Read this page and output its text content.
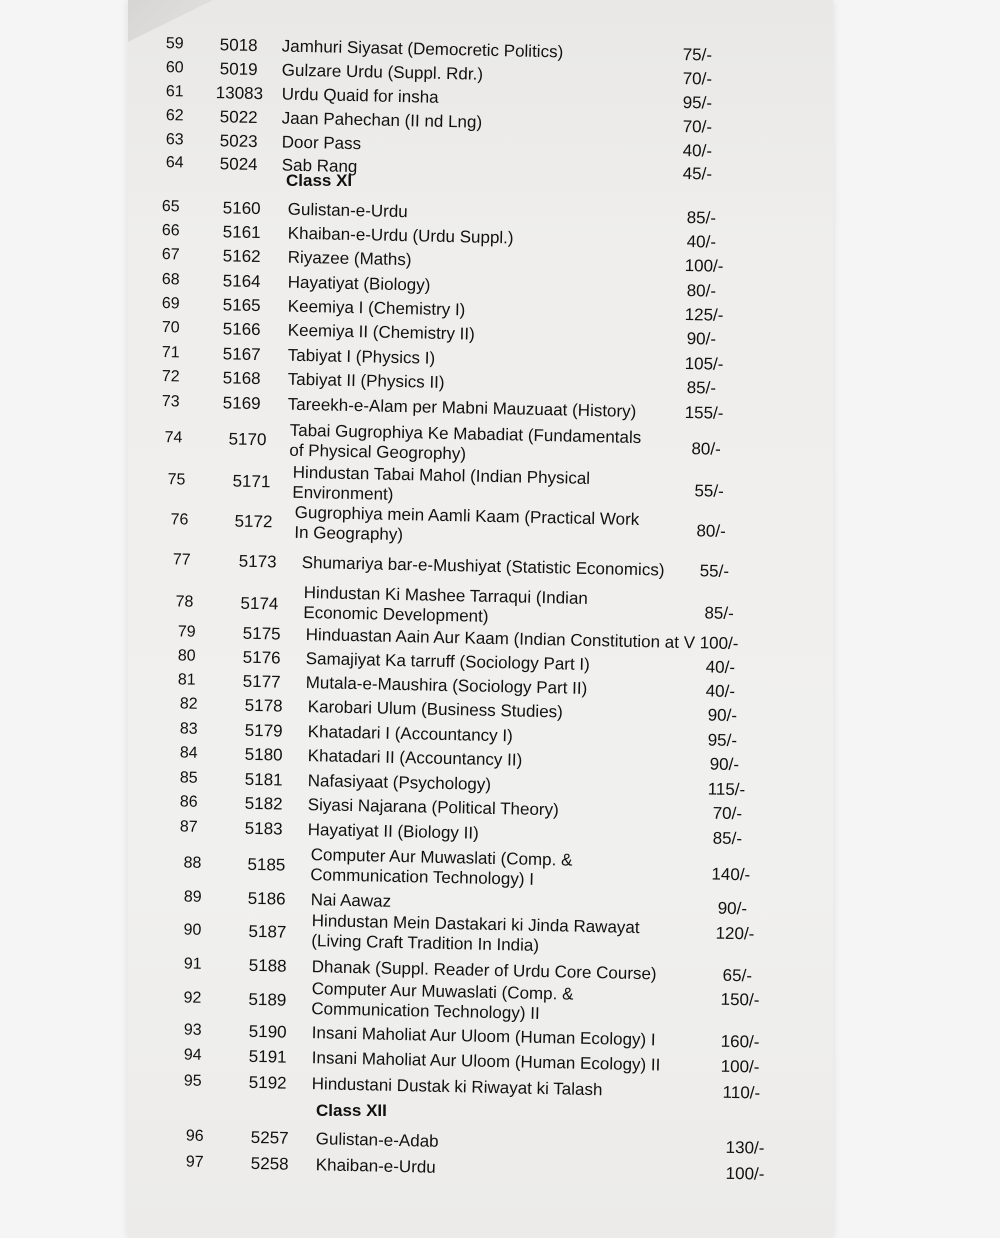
59	5018	Jamhuri Siyasat (Democretic Politics)	75/-
60	5019	Gulzare Urdu (Suppl. Rdr.)	70/-
61	13083	Urdu Quaid for insha	95/-
62	5022	Jaan Pahechan (II nd Lng)	70/-
63	5023	Door Pass	40/-
64	5024	Sab Rang	45/-
Class XI
65	5160	Gulistan-e-Urdu	85/-
66	5161	Khaiban-e-Urdu (Urdu Suppl.)	40/-
67	5162	Riyazee (Maths)	100/-
68	5164	Hayatiyat (Biology)	80/-
69	5165	Keemiya I (Chemistry I)	125/-
70	5166	Keemiya II (Chemistry II)	90/-
71	5167	Tabiyat I (Physics I)	105/-
72	5168	Tabiyat II (Physics II)	85/-
73	5169	Tareekh-e-Alam per Mabni Mauzuaat (History)	155/-
74	5170	Tabai Gugrophiya Ke Mabadiat (Fundamentals of Physical Geogrophy)	80/-
75	5171	Hindustan Tabai Mahol (Indian Physical Environment)	55/-
76	5172	Gugrophiya mein Aamli Kaam (Practical Work In Geography)	80/-
77	5173	Shumariya bar-e-Mushiyat (Statistic Economics)	55/-
78	5174	Hindustan Ki Mashee Tarraqui (Indian Economic Development)	85/-
79	5175	Hinduastan Aain Aur Kaam (Indian Constitution at V 100/-
80	5176	Samajiyat Ka tarruff (Sociology Part I)	40/-
81	5177	Mutala-e-Maushira (Sociology Part II)	40/-
82	5178	Karobari Ulum (Business Studies)	90/-
83	5179	Khatadari I (Accountancy I)	95/-
84	5180	Khatadari II (Accountancy II)	90/-
85	5181	Nafasiyaat (Psychology)	115/-
86	5182	Siyasi Najarana (Political Theory)	70/-
87	5183	Hayatiyat II (Biology II)	85/-
88	5185	Computer Aur Muwaslati (Comp. & Communication Technology) I	140/-
89	5186	Nai Aawaz	90/-
90	5187	Hindustan Mein Dastakari ki Jinda Rawayat (Living Craft Tradition In India)	120/-
91	5188	Dhanak (Suppl. Reader of Urdu Core Course)	65/-
92	5189	Computer Aur Muwaslati (Comp. & Communication Technology) II	150/-
93	5190	Insani Maholiat Aur Uloom (Human Ecology) I	160/-
94	5191	Insani Maholiat Aur Uloom (Human Ecology) II	100/-
95	5192	Hindustani Dustak ki Riwayat ki Talash	110/-
Class XII
96	5257	Gulistan-e-Adab	130/-
97	5258	Khaiban-e-Urdu	100/-
